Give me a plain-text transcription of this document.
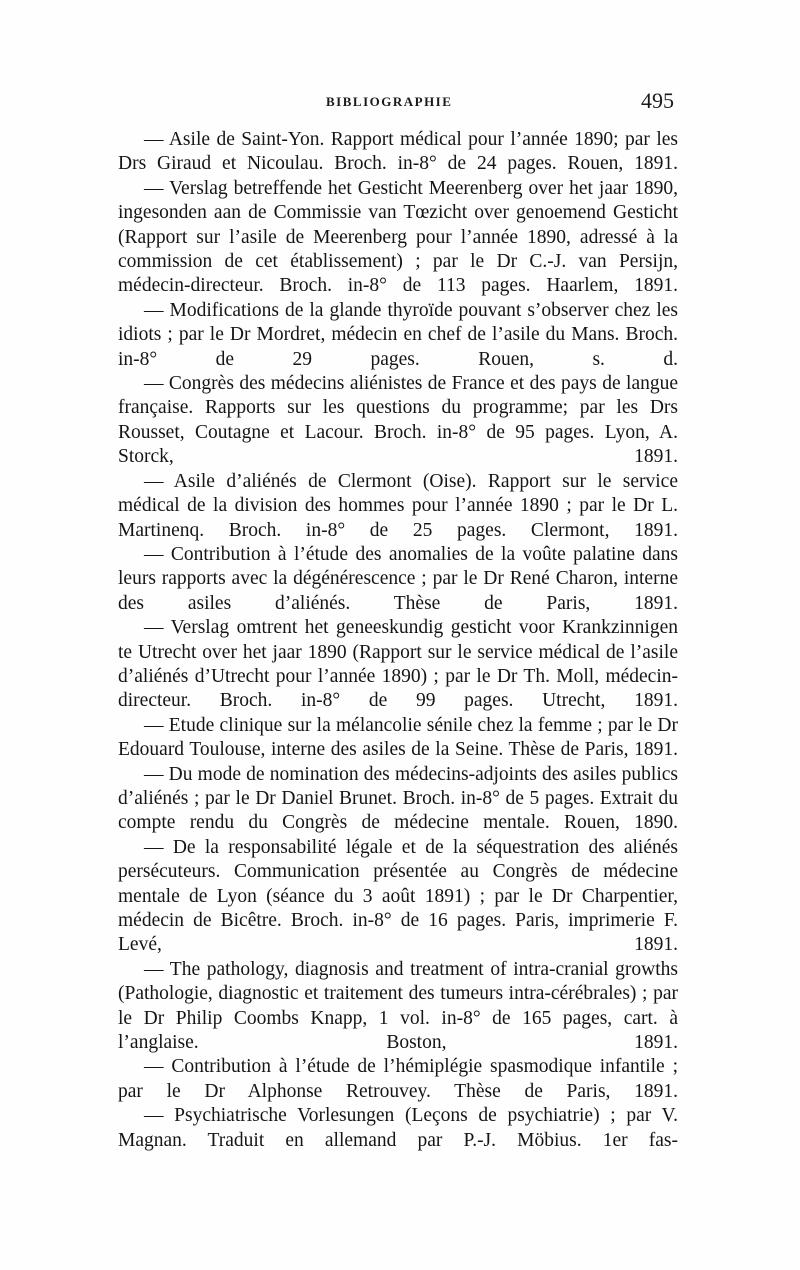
BIBLIOGRAPHIE	495

— Asile de Saint-Yon. Rapport médical pour l’année 1890; par les Drs Giraud et Nicoulau. Broch. in-8° de 24 pages. Rouen, 1891.

— Verslag betreffende het Gesticht Meerenberg over het jaar 1890, ingesonden aan de Commissie van Tœzicht over genoemend Gesticht (Rapport sur l’asile de Meerenberg pour l’année 1890, adressé à la commission de cet établissement) ; par le Dr C.-J. van Persijn, médecin-directeur. Broch. in-8° de 113 pages. Haarlem, 1891.

— Modifications de la glande thyroïde pouvant s’observer chez les idiots ; par le Dr Mordret, médecin en chef de l’asile du Mans. Broch. in-8° de 29 pages. Rouen, s. d.

— Congrès des médecins aliénistes de France et des pays de langue française. Rapports sur les questions du programme; par les Drs Rousset, Coutagne et Lacour. Broch. in-8° de 95 pages. Lyon, A. Storck, 1891.

— Asile d’aliénés de Clermont (Oise). Rapport sur le service médical de la division des hommes pour l’année 1890 ; par le Dr L. Martinenq. Broch. in-8° de 25 pages. Clermont, 1891.

— Contribution à l’étude des anomalies de la voûte palatine dans leurs rapports avec la dégénérescence ; par le Dr René Charon, interne des asiles d’aliénés. Thèse de Paris, 1891.

— Verslag omtrent het geneeskundig gesticht voor Krankzinnigen te Utrecht over het jaar 1890 (Rapport sur le service médical de l’asile d’aliénés d’Utrecht pour l’année 1890) ; par le Dr Th. Moll, médecin-directeur. Broch. in-8° de 99 pages. Utrecht, 1891.

— Etude clinique sur la mélancolie sénile chez la femme ; par le Dr Edouard Toulouse, interne des asiles de la Seine. Thèse de Paris, 1891.

— Du mode de nomination des médecins-adjoints des asiles publics d’aliénés ; par le Dr Daniel Brunet. Broch. in-8° de 5 pages. Extrait du compte rendu du Congrès de médecine mentale. Rouen, 1890.

— De la responsabilité légale et de la séquestration des aliénés persécuteurs. Communication présentée au Congrès de médecine mentale de Lyon (séance du 3 août 1891) ; par le Dr Charpentier, médecin de Bicêtre. Broch. in-8° de 16 pages. Paris, imprimerie F. Levé, 1891.

— The pathology, diagnosis and treatment of intra-cranial growths (Pathologie, diagnostic et traitement des tumeurs intra-cérébrales) ; par le Dr Philip Coombs Knapp, 1 vol. in-8° de 165 pages, cart. à l’anglaise. Boston, 1891.

— Contribution à l’étude de l’hémiplégie spasmodique infantile ; par le Dr Alphonse Retrouvey. Thèse de Paris, 1891.

— Psychiatrische Vorlesungen (Leçons de psychiatrie) ; par V. Magnan. Traduit en allemand par P.-J. Möbius. 1er fas-
